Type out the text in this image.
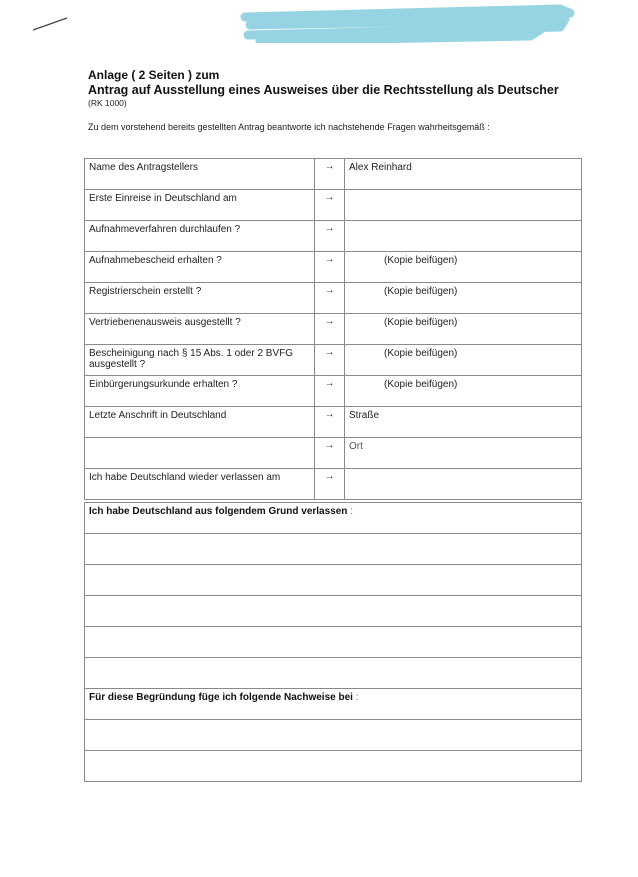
Anlage ( 2 Seiten ) zum

Antrag auf Ausstellung eines Ausweises über die Rechtsstellung als Deutscher

(RK 1000)

Zu dem vorstehend bereits gestellten Antrag beantworte ich nachstehende Fragen wahrheitsgemäß :

Name des Antragstellers	→	Alex Reinhard
Erste Einreise in Deutschland am	→	
Aufnahmeverfahren durchlaufen ?	→	
Aufnahmebescheid erhalten ?	→	(Kopie beifügen)
Registrierschein erstellt ?	→	(Kopie beifügen)
Vertriebenenausweis ausgestellt ?	→	(Kopie beifügen)
Bescheinigung nach § 15 Abs. 1 oder 2 BVFG ausgestellt ?	→	(Kopie beifügen)
Einbürgerungsurkunde erhalten ?	→	(Kopie beifügen)
Letzte Anschrift in Deutschland	→	Straße
	→	Ort
Ich habe Deutschland wieder verlassen am	→	
Ich habe Deutschland aus folgendem Grund verlassen :

Für diese Begründung füge ich folgende Nachweise bei :
